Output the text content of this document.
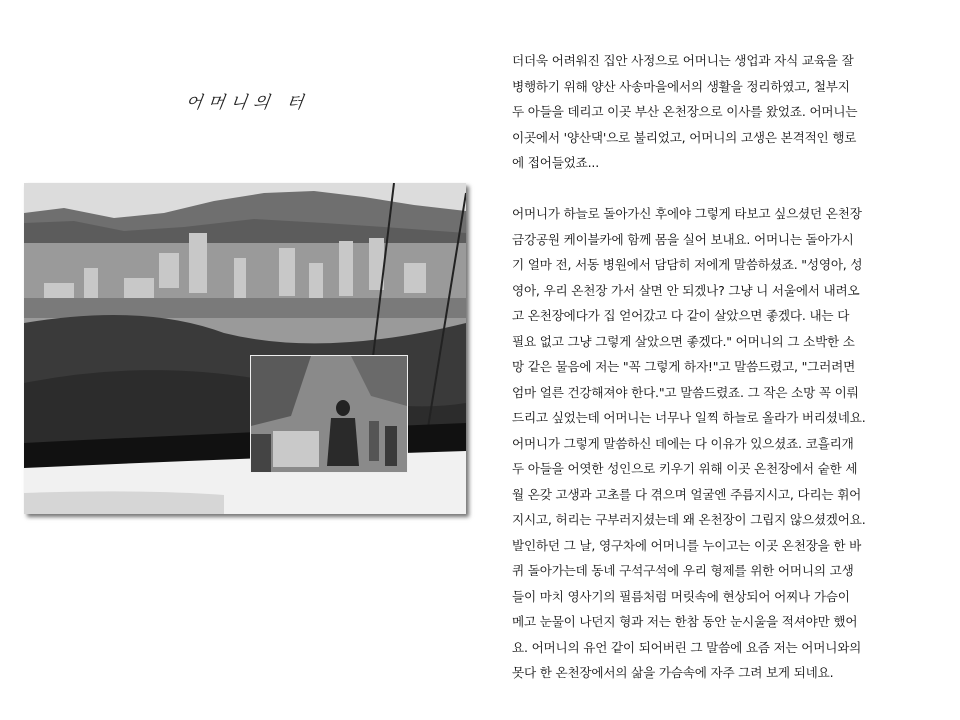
어머니의 터
더더욱 어려워진 집안 사정으로 어머니는 생업과 자식 교육을 잘
병행하기 위해 양산 사송마을에서의 생활을 정리하였고, 철부지
두 아들을 데리고 이곳 부산 온천장으로 이사를 왔었죠. 어머니는
이곳에서 '양산댁'으로 불리었고, 어머니의 고생은 본격적인 행로
에 접어들었죠...
어머니가 하늘로 돌아가신 후에야 그렇게 타보고 싶으셨던 온천장
금강공원 케이블카에 함께 몸을 실어 보내요. 어머니는 돌아가시
기 얼마 전, 서동 병원에서 담담히 저에게 말씀하셨죠. "성영아, 성
영아, 우리 온천장 가서 살면 안 되겠나? 그냥 니 서울에서 내려오
고 온천장에다가 집 얻어갔고 다 같이 살았으면 좋겠다. 내는 다
필요 없고 그냥 그렇게 살았으면 좋겠다." 어머니의 그 소박한 소
망 같은 물음에 저는 "꼭 그렇게 하자!"고 말씀드렸고, "그러려면
엄마 얼른 건강해져야 한다."고 말씀드렸죠. 그 작은 소망 꼭 이뤄
드리고 싶었는데 어머니는 너무나 일찍 하늘로 올라가 버리셨네요.
어머니가 그렇게 말씀하신 데에는 다 이유가 있으셨죠. 코흘리개
두 아들을 어엿한 성인으로 키우기 위해 이곳 온천장에서 숱한 세
월 온갖 고생과 고초를 다 겪으며 얼굴엔 주름지시고, 다리는 휘어
지시고, 허리는 구부러지셨는데 왜 온천장이 그립지 않으셨겠어요.
발인하던 그 날, 영구차에 어머니를 누이고는 이곳 온천장을 한 바
퀴 돌아가는데 동네 구석구석에 우리 형제를 위한 어머니의 고생
들이 마치 영사기의 필름처럼 머릿속에 현상되어 어찌나 가슴이
메고 눈물이 나던지 형과 저는 한참 동안 눈시울을 적셔야만 했어
요. 어머니의 유언 같이 되어버린 그 말씀에 요즘 저는 어머니와의
못다 한 온천장에서의 삶을 가슴속에 자주 그려 보게 되네요.
